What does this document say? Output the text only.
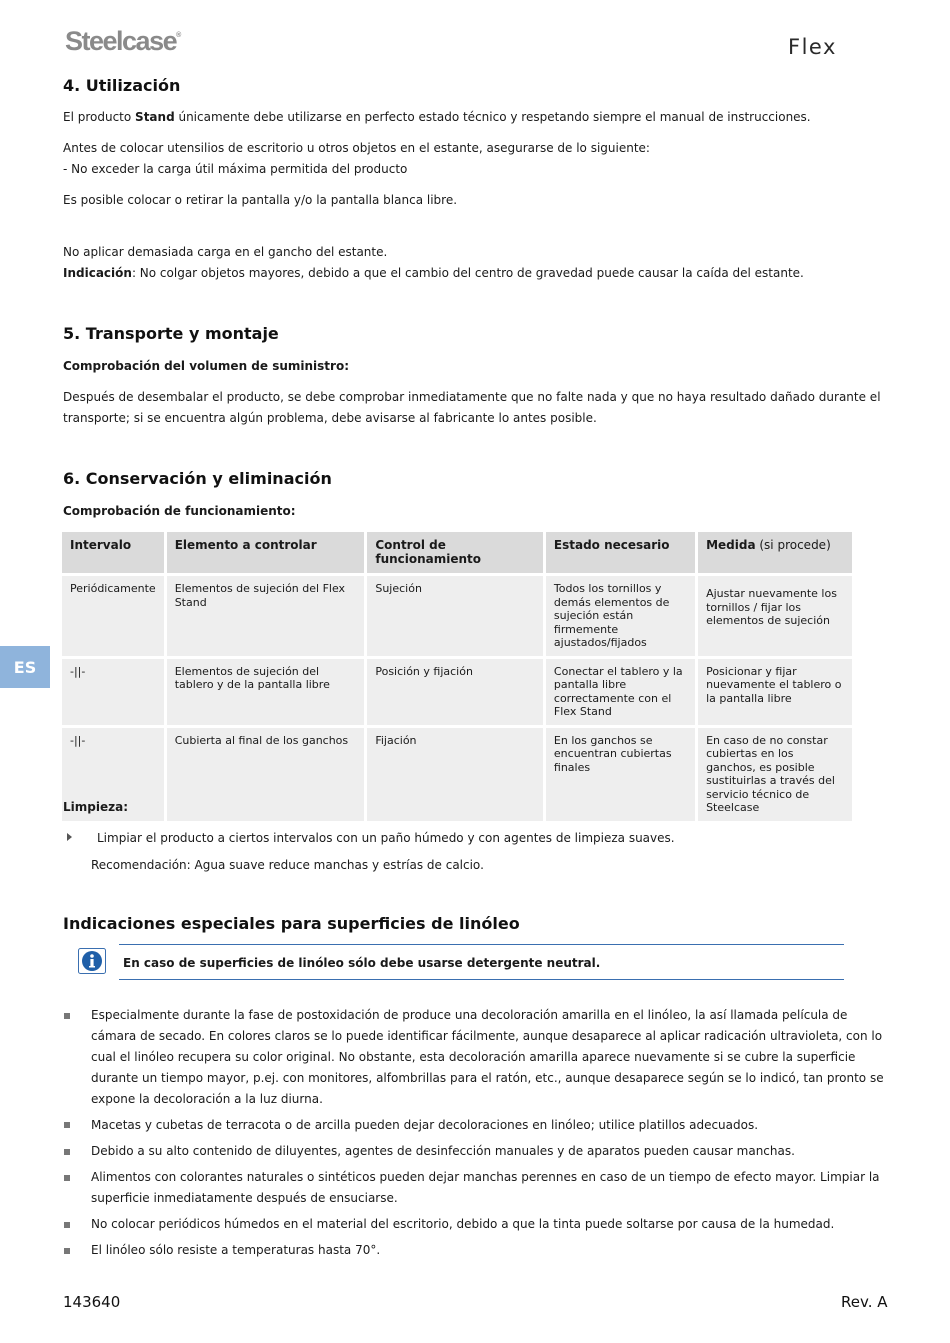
Steelcase®	Flex
4. Utilización

El producto Stand únicamente debe utilizarse en perfecto estado técnico y respetando siempre el manual de instrucciones.

Antes de colocar utensilios de escritorio u otros objetos en el estante, asegurarse de lo siguiente:

- No exceder la carga útil máxima permitida del producto

Es posible colocar o retirar la pantalla y/o la pantalla blanca libre.

No aplicar demasiada carga en el gancho del estante.

Indicación: No colgar objetos mayores, debido a que el cambio del centro de gravedad puede causar la caída del estante.

5. Transporte y montaje

Comprobación del volumen de suministro:

Después de desembalar el producto, se debe comprobar inmediatamente que no falte nada y que no haya resultado dañado durante el

transporte; si se encuentra algún problema, debe avisarse al fabricante lo antes posible.

6. Conservación y eliminación

Comprobación de funcionamiento:

ES
Intervalo	Elemento a controlar	Control de funcionamiento	Estado necesario	Medida (si procede)
Periódicamente	Elementos de sujeción del Flex Stand	Sujeción	Todos los tornillos y demás elementos de sujeción están firmemente ajustados/fijados	Ajustar nuevamente los tornillos / fijar los elementos de sujeción
-||-	Elementos de sujeción del tablero y de la pantalla libre	Posición y fijación	Conectar el tablero y la pantalla libre correctamente con el Flex Stand	Posicionar y fijar nuevamente el tablero o la pantalla libre
-||-	Cubierta al final de los ganchos	Fijación	En los ganchos se encuentran cubiertas finales	En caso de no constar cubiertas en los ganchos, es posible sustituirlas a través del servicio técnico de Steelcase

Limpieza:

Limpiar el producto a ciertos intervalos con un paño húmedo y con agentes de limpieza suaves.

Recomendación: Agua suave reduce manchas y estrías de calcio.

Indicaciones especiales para superficies de linóleo

En caso de superficies de linóleo sólo debe usarse detergente neutral.

Especialmente durante la fase de postoxidación de produce una decoloración amarilla en el linóleo, la así llamada película de cámara de secado. En colores claros se lo puede identificar fácilmente, aunque desaparece al aplicar radicación ultravioleta, con lo cual el linóleo recupera su color original. No obstante, esta decoloración amarilla aparece nuevamente si se cubre la superficie durante un tiempo mayor, p.ej. con monitores, alfombrillas para el ratón, etc., aunque desaparece según se lo indicó, tan pronto se expone la decoloración a la luz diurna.
Macetas y cubetas de terracota o de arcilla pueden dejar decoloraciones en linóleo; utilice platillos adecuados.
Debido a su alto contenido de diluyentes, agentes de desinfección manuales y de aparatos pueden causar manchas.
Alimentos con colorantes naturales o sintéticos pueden dejar manchas perennes en caso de un tiempo de efecto mayor. Limpiar la superficie inmediatamente después de ensuciarse.
No colocar periódicos húmedos en el material del escritorio, debido a que la tinta puede soltarse por causa de la humedad.
El linóleo sólo resiste a temperaturas hasta 70°.
143640	Rev. A
